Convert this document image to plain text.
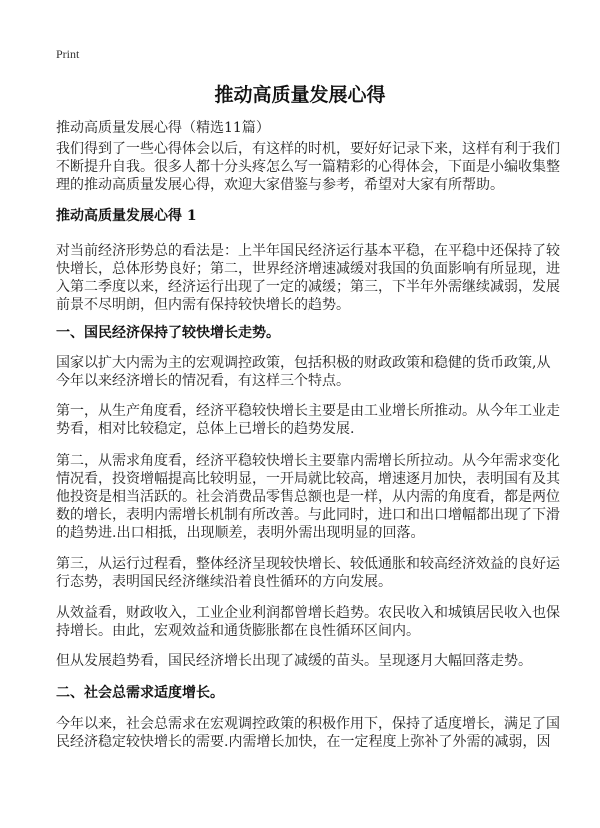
Print
推动高质量发展心得
推动高质量发展心得（精选11篇）
我们得到了一些心得体会以后，有这样的时机，要好好记录下来，这样有利于我们
不断提升自我。很多人都十分头疼怎么写一篇精彩的心得体会，下面是小编收集整
理的推动高质量发展心得，欢迎大家借鉴与参考，希望对大家有所帮助。
推动高质量发展心得 1
对当前经济形势总的看法是：上半年国民经济运行基本平稳，在平稳中还保持了较
快增长，总体形势良好；第二，世界经济增速减缓对我国的负面影响有所显现，进
入第二季度以来，经济运行出现了一定的减缓；第三，下半年外需继续减弱，发展
前景不尽明朗，但内需有保持较快增长的趋势。
一、国民经济保持了较快增长走势。
国家以扩大内需为主的宏观调控政策，包括积极的财政政策和稳健的货币政策,从
今年以来经济增长的情况看，有这样三个特点。
第一，从生产角度看，经济平稳较快增长主要是由工业增长所推动。从今年工业走
势看，相对比较稳定，总体上已增长的趋势发展.
第二，从需求角度看，经济平稳较快增长主要靠内需增长所拉动。从今年需求变化
情况看，投资增幅提高比较明显，一开局就比较高，增速逐月加快，表明国有及其
他投资是相当活跃的。社会消费品零售总额也是一样，从内需的角度看，都是两位
数的增长，表明内需增长机制有所改善。与此同时，进口和出口增幅都出现了下滑
的趋势进.出口相抵，出现顺差，表明外需出现明显的回落。
第三，从运行过程看，整体经济呈现较快增长、较低通胀和较高经济效益的良好运
行态势，表明国民经济继续沿着良性循环的方向发展。
从效益看，财政收入，工业企业利润都曾增长趋势。农民收入和城镇居民收入也保
持增长。由此，宏观效益和通货膨胀都在良性循环区间内。
但从发展趋势看，国民经济增长出现了减缓的苗头。呈现逐月大幅回落走势。
二、社会总需求适度增长。
今年以来，社会总需求在宏观调控政策的积极作用下，保持了适度增长，满足了国
民经济稳定较快增长的需要.内需增长加快，在一定程度上弥补了外需的减弱，因
